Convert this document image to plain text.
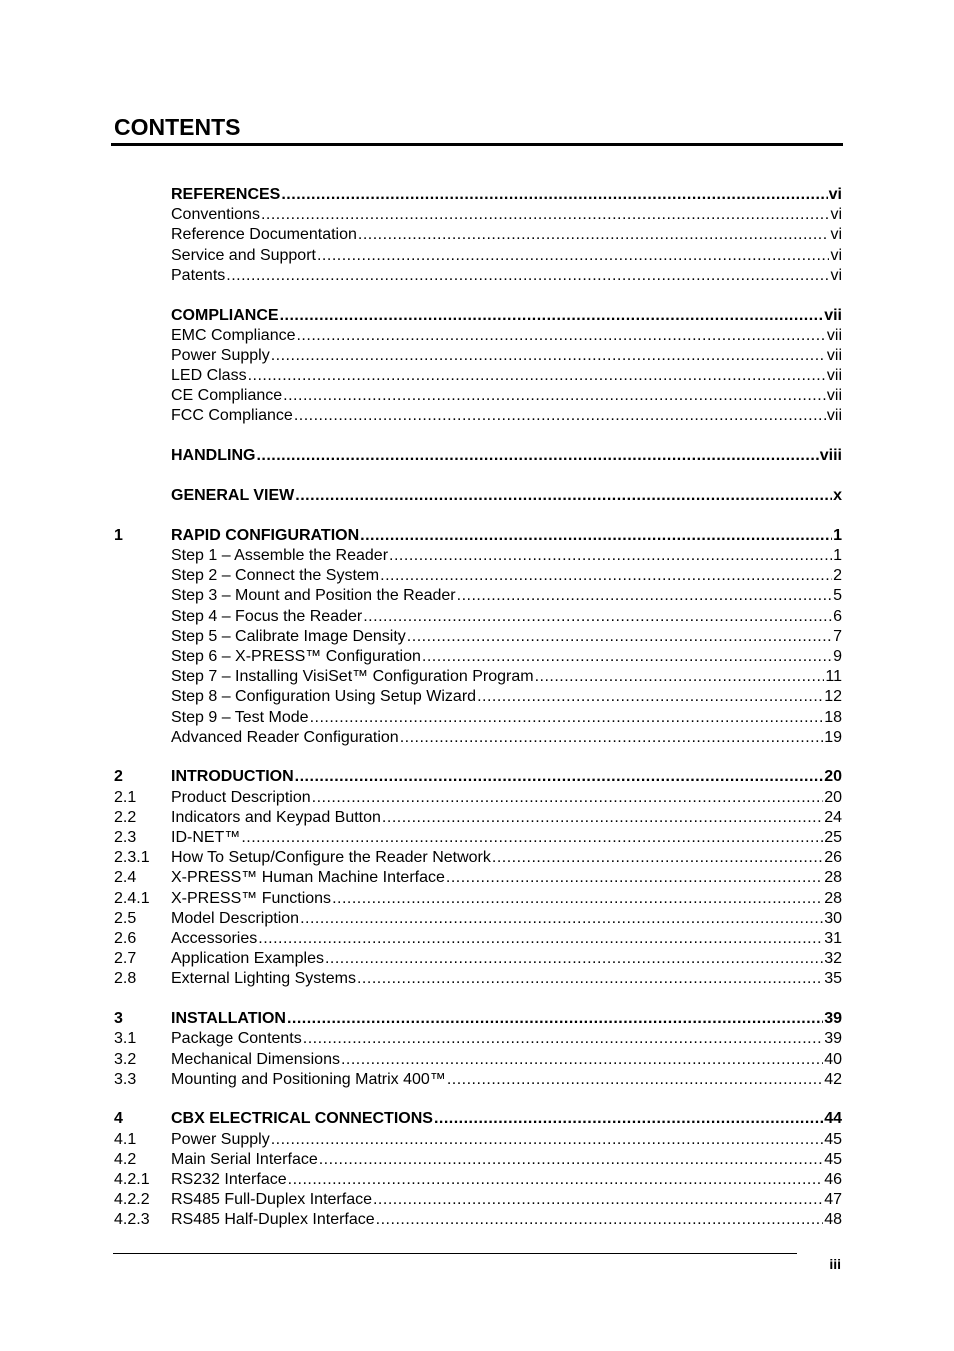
CONTENTS
REFERENCES .....	vi
Conventions .....	vi
Reference Documentation .....	vi
Service and Support .....	vi
Patents .....	vi
COMPLIANCE .....	vii
EMC Compliance .....	vii
Power Supply .....	vii
LED Class .....	vii
CE Compliance .....	vii
FCC Compliance .....	vii
HANDLING .....	viii
GENERAL VIEW .....	x
1	RAPID CONFIGURATION .....	1
Step 1 – Assemble the Reader .....	1
Step 2 – Connect the System .....	2
Step 3 – Mount and Position the Reader .....	5
Step 4 – Focus the Reader .....	6
Step 5 – Calibrate Image Density .....	7
Step 6 – X-PRESS™ Configuration .....	9
Step 7 – Installing VisiSet™ Configuration Program .....	11
Step 8 – Configuration Using Setup Wizard .....	12
Step 9 – Test Mode .....	18
Advanced Reader Configuration .....	19
2	INTRODUCTION .....	20
2.1	Product Description .....	20
2.2	Indicators and Keypad Button .....	24
2.3	ID-NET™ .....	25
2.3.1	How To Setup/Configure the Reader Network .....	26
2.4	X-PRESS™ Human Machine Interface .....	28
2.4.1	X-PRESS™ Functions .....	28
2.5	Model Description .....	30
2.6	Accessories .....	31
2.7	Application Examples .....	32
2.8	External Lighting Systems .....	35
3	INSTALLATION .....	39
3.1	Package Contents .....	39
3.2	Mechanical Dimensions .....	40
3.3	Mounting and Positioning Matrix 400™ .....	42
4	CBX ELECTRICAL CONNECTIONS .....	44
4.1	Power Supply .....	45
4.2	Main Serial Interface .....	45
4.2.1	RS232 Interface .....	46
4.2.2	RS485 Full-Duplex Interface .....	47
4.2.3	RS485 Half-Duplex Interface .....	48
iii
